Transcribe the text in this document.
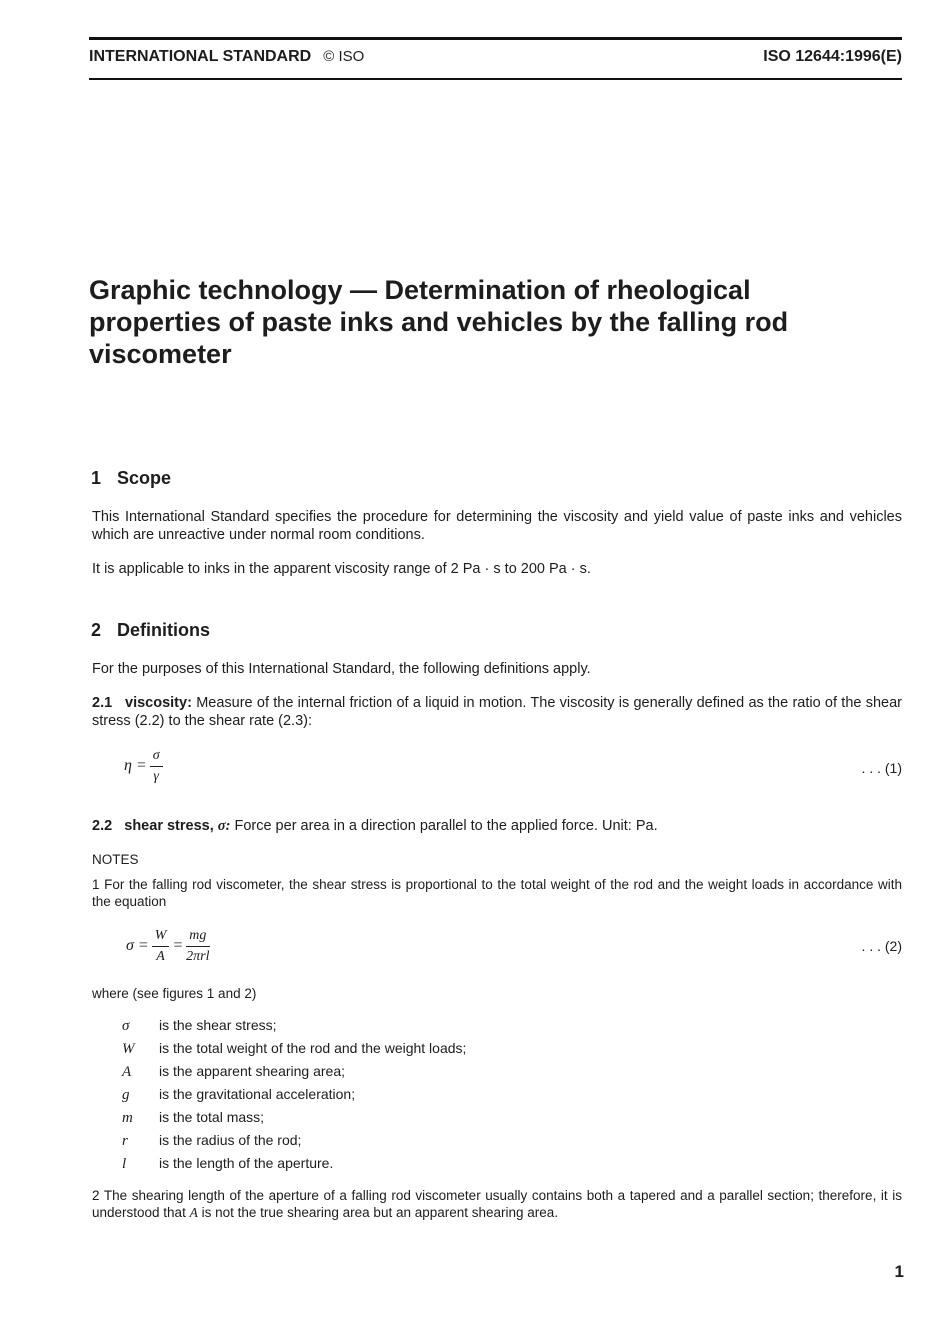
INTERNATIONAL STANDARD © ISO	ISO 12644:1996(E)
Graphic technology — Determination of rheological
properties of paste inks and vehicles by the falling rod
viscometer
1 Scope

This International Standard specifies the procedure for determining the viscosity and yield value of paste inks and vehicles which are unreactive under normal room conditions.

It is applicable to inks in the apparent viscosity range of 2 Pa · s to 200 Pa · s.

2 Definitions

For the purposes of this International Standard, the following definitions apply.

2.1 viscosity: Measure of the internal friction of a liquid in motion. The viscosity is generally defined as the ratio of the shear stress (2.2) to the shear rate (2.3):

$\eta = \frac{\sigma}{\gamma}$	. . . (1)

2.2 shear stress, σ: Force per area in a direction parallel to the applied force. Unit: Pa.

NOTES

1 For the falling rod viscometer, the shear stress is proportional to the total weight of the rod and the weight loads in accordance with the equation

$\sigma = \frac{W}{A} = \frac{mg}{\text{2πrl}}$	. . . (2)

where (see figures 1 and 2)

σ is the shear stress;
W is the total weight of the rod and the weight loads;
A is the apparent shearing area;
g is the gravitational acceleration;
m is the total mass;
r is the radius of the rod;
l is the length of the aperture.

2 The shearing length of the aperture of a falling rod viscometer usually contains both a tapered and a parallel section; therefore, it is understood that A is not the true shearing area but an apparent shearing area.

1
